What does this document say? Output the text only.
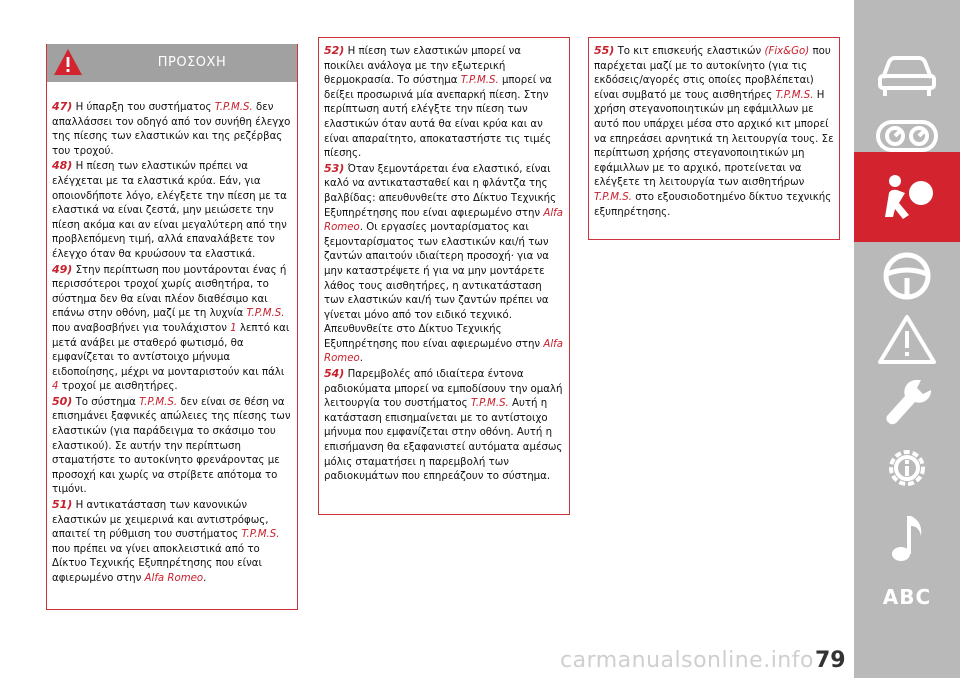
ΠΡΟΣΟΧΗ

47) Η ύπαρξη του συστήματος T.P.M.S. δεν απαλλάσσει τον οδηγό από τον συνήθη έλεγχο της πίεσης των ελαστικών και της ρεζέρβας του τροχού.

48) Η πίεση των ελαστικών πρέπει να ελέγχεται με τα ελαστικά κρύα. Εάν, για οποιονδήποτε λόγο, ελέγξετε την πίεση με τα ελαστικά να είναι ζεστά, μην μειώσετε την πίεση ακόμα και αν είναι μεγαλύτερη από την προβλεπόμενη τιμή, αλλά επαναλάβετε τον έλεγχο όταν θα κρυώσουν τα ελαστικά.

49) Στην περίπτωση που μοντάρονται ένας ή περισσότεροι τροχοί χωρίς αισθητήρα, το σύστημα δεν θα είναι πλέον διαθέσιμο και επάνω στην οθόνη, μαζί με τη λυχνία T.P.M.S. που αναβοσβήνει για τουλάχιστον 1 λεπτό και μετά ανάβει με σταθερό φωτισμό, θα εμφανίζεται το αντίστοιχο μήνυμα ειδοποίησης, μέχρι να μονταριστούν και πάλι 4 τροχοί με αισθητήρες.

50) Το σύστημα T.P.M.S. δεν είναι σε θέση να επισημάνει ξαφνικές απώλειες της πίεσης των ελαστικών (για παράδειγμα το σκάσιμο του ελαστικού). Σε αυτήν την περίπτωση σταματήστε το αυτοκίνητο φρενάροντας με προσοχή και χωρίς να στρίβετε απότομα το τιμόνι.

51) Η αντικατάσταση των κανονικών ελαστικών με χειμερινά και αντιστρόφως, απαιτεί τη ρύθμιση του συστήματος T.P.M.S. που πρέπει να γίνει αποκλειστικά από το Δίκτυο Τεχνικής Εξυπηρέτησης που είναι αφιερωμένο στην Alfa Romeo.

52) Η πίεση των ελαστικών μπορεί να ποικίλει ανάλογα με την εξωτερική θερμοκρασία. Το σύστημα T.P.M.S. μπορεί να δείξει προσωρινά μία ανεπαρκή πίεση. Στην περίπτωση αυτή ελέγξτε την πίεση των ελαστικών όταν αυτά θα είναι κρύα και αν είναι απαραίτητο, αποκαταστήστε τις τιμές πίεσης.

53) Όταν ξεμοντάρεται ένα ελαστικό, είναι καλό να αντικατασταθεί και η φλάντζα της βαλβίδας: απευθυνθείτε στο Δίκτυο Τεχνικής Εξυπηρέτησης που είναι αφιερωμένο στην Alfa Romeo. Οι εργασίες μονταρίσματος και ξεμονταρίσματος των ελαστικών και/ή των ζαντών απαιτούν ιδιαίτερη προσοχή· για να μην καταστρέψετε ή για να μην μοντάρετε λάθος τους αισθητήρες, η αντικατάσταση των ελαστικών και/ή των ζαντών πρέπει να γίνεται μόνο από τον ειδικό τεχνικό. Απευθυνθείτε στο Δίκτυο Τεχνικής Εξυπηρέτησης που είναι αφιερωμένο στην Alfa Romeo.

54) Παρεμβολές από ιδιαίτερα έντονα ραδιοκύματα μπορεί να εμποδίσουν την ομαλή λειτουργία του συστήματος T.P.M.S. Αυτή η κατάσταση επισημαίνεται με το αντίστοιχο μήνυμα που εμφανίζεται στην οθόνη. Αυτή η επισήμανση θα εξαφανιστεί αυτόματα αμέσως μόλις σταματήσει η παρεμβολή των ραδιοκυμάτων που επηρεάζουν το σύστημα.

55) Το κιτ επισκευής ελαστικών (Fix&Go) που παρέχεται μαζί με το αυτοκίνητο (για τις εκδόσεις/αγορές στις οποίες προβλέπεται) είναι συμβατό με τους αισθητήρες T.P.M.S. Η χρήση στεγανοποιητικών μη εφάμιλλων με αυτό που υπάρχει μέσα στο αρχικό κιτ μπορεί να επηρεάσει αρνητικά τη λειτουργία τους. Σε περίπτωση χρήσης στεγανοποιητικών μη εφάμιλλων με το αρχικό, προτείνεται να ελέγξετε τη λειτουργία των αισθητήρων T.P.M.S. στο εξουσιοδοτημένο δίκτυο τεχνικής εξυπηρέτησης.

ABC
carmanualsonline.info 79
